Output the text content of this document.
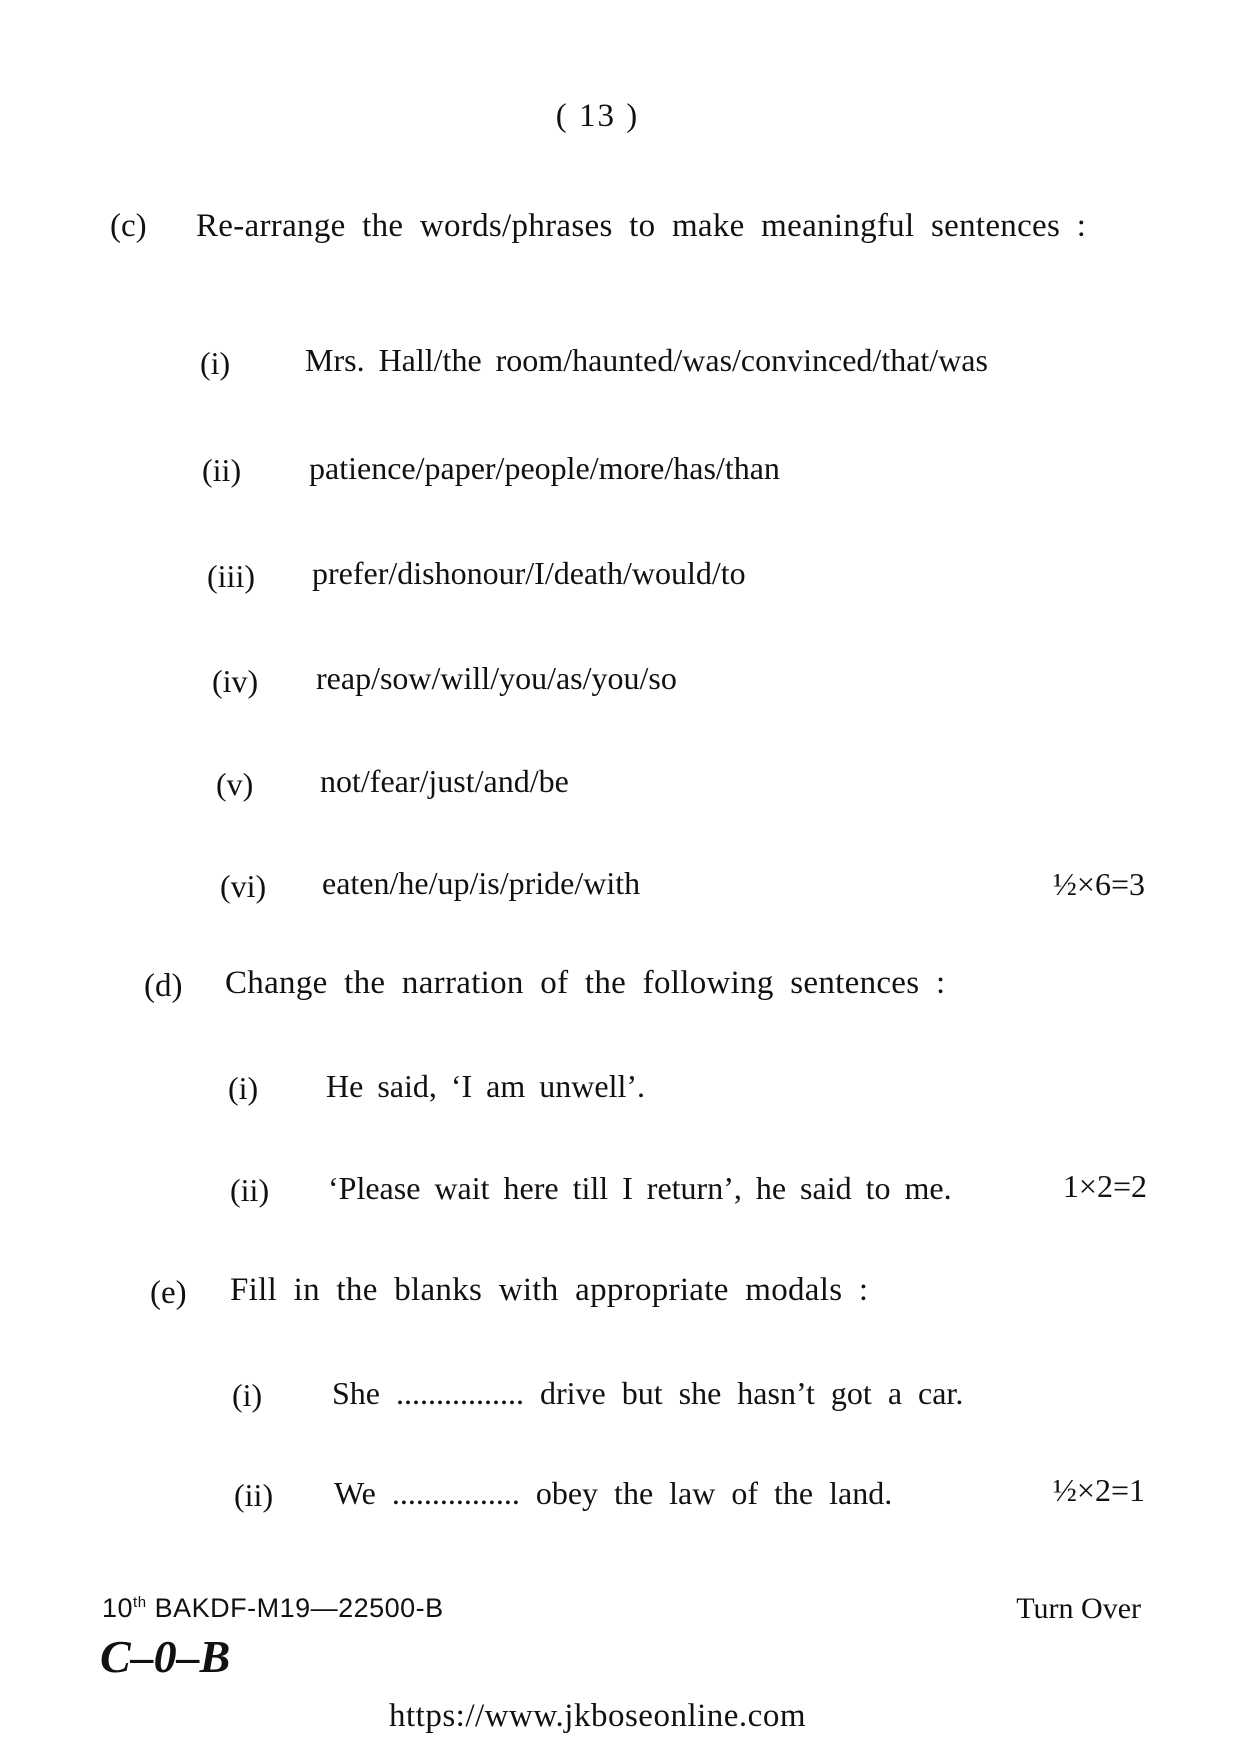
( 13 )
(c) Re-arrange the words/phrases to make meaningful sentences :
(i) Mrs. Hall/the room/haunted/was/convinced/that/was
(ii) patience/paper/people/more/has/than
(iii) prefer/dishonour/I/death/would/to
(iv) reap/sow/will/you/as/you/so
(v) not/fear/just/and/be
(vi) eaten/he/up/is/pride/with	½×6=3
(d) Change the narration of the following sentences :
(i) He said, ‘I am unwell’.
(ii) ‘Please wait here till I return’, he said to me.	1×2=2
(e) Fill in the blanks with appropriate modals :
(i) She ................ drive but she hasn’t got a car.
(ii) We ................ obey the law of the land.	½×2=1
10th BAKDF-M19—22500-B	Turn Over
C–0–B
https://www.jkboseonline.com
